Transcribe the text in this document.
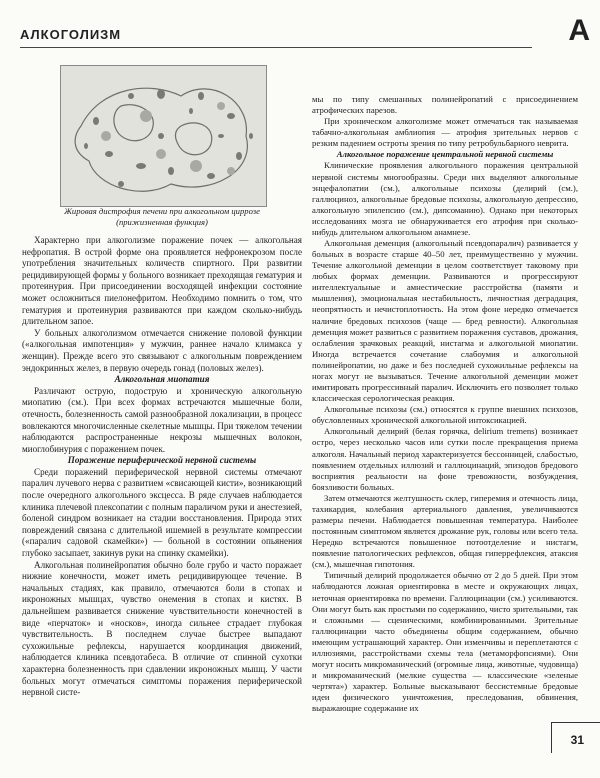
АЛКОГОЛИЗМ	А
Жировая дистрофия печени при алкогольном циррозе
(прижизненная функция)

Характерно при алкоголизме поражение почек — алкогольная нефропатия. В острой форме она проявляется нефронекрозом после употребления значительных количеств спиртного. При развитии рецидивирующей формы у больного возникает преходящая гематурия и протеинурия. При присоединении восходящей инфекции состояние может осложниться пиелонефритом. Необходимо помнить о том, что гематурия и протеинурия развиваются при каждом сколько-нибудь длительном запое.

У больных алкоголизмом отмечается снижение половой функции («алкогольная импотенция» у мужчин, раннее начало климакса у женщин). Прежде всего это связывают с алкогольным повреждением эндокринных желез, в первую очередь гонад (половых желез).

Алкогольная миопатия

Различают острую, подострую и хроническую алкогольную миопатию (см.). При всех формах встречаются мышечные боли, отечность, болезненность самой разнообразной локализации, в процесс вовлекаются многочисленные скелетные мышцы. При тяжелом течении наблюдаются распространенные некрозы мышечных волокон, миоглобинурия с поражением почек.

Поражение периферической нервной системы

Среди поражений периферической нервной системы отмечают паралич лучевого нерва с развитием «свисающей кисти», возникающий после очередного алкогольного эксцесса. В ряде случаев наблюдается клиника плечевой плексопатии с полным параличом руки и анестезией, боленой синдром возникает на стадии восстановления. Природа этих повреждений связана с длительной ишемией в результате компрессии («паралич садовой скамейки») — больной в состоянии опьянения глубоко засыпает, закинув руки на спинку скамейки).

Алкогольная полинейропатия обычно боле грубо и часто поражает нижние конечности, может иметь рецидивирующее течение. В начальных стадиях, как правило, отмечаются боли в стопах и икроножных мышцах, чувство онемения в стопах и кистях. В дальнейшем развивается снижение чувствительности конечностей в виде «перчаток» и «носков», иногда сильнее страдает глубокая чувствительность. В последнем случае быстрее выпадают сухожильные рефлексы, нарушается координация движений, наблюдается клиника псевдотабеса. В отличие от спинной сухотки характерна болезненность при сдавлении икроножных мышц. У части больных могут отмечаться симптомы поражения периферической нервной систе-

мы по типу смешанных полинейропатий с присоединением атрофических парезов.

При хроническом алкоголизме может отмечаться так называемая табачно-алкогольная амблиопия — атрофия зрительных нервов с резким падением остроты зрения по типу ретробульбарного неврита.

Алкогольное поражение центральной нервной системы

Клинические проявления алкогольного поражения центральной нервной системы многообразны. Среди них выделяют алкогольные энцефалопатии (см.), алкогольные психозы (делирий (см.), галлюциноз, алкогольные бредовые психозы, алкогольную депрессию, алкогольную эпилепсию (см.), дипсоманию). Однако при некоторых исследованиях мозга не обнаруживается его атрофия при сколько-нибудь длительном алкогольном анамнезе.

Алкогольная деменция (алкогольный псевдопаралич) развивается у больных в возрасте старше 40–50 лет, преимущественно у мужчин. Течение алкогольной деменции в целом соответствует таковому при любых формах деменции. Развиваются и прогрессируют интеллектуальные и амнестические расстройства (памяти и мышления), эмоциональная нестабильность, личностная деградация, неопрятность и нечистоплотность. На этом фоне нередко отмечается наличие бредовых психозов (чаще — бред ревности). Алкогольная деменция может развиться с развитием поражения суставов, дрожания, ослабления зрачковых реакций, нистагма и алкогольной миопатии. Иногда встречается сочетание слабоумия и алкогольной полинейропатии, но даже и без последней сухожильные рефлексы на ногах могут не вызываться. Течение алкогольной деменции может имитировать прогрессивный паралич. Исключить его позволяет только классическая серологическая реакция.

Алкогольные психозы (см.) относятся к группе внешних психозов, обусловленных хронической алкогольной интоксикацией.

Алкогольный делирий (белая горячка, delirium tremens) возникает остро, через несколько часов или сутки после прекращения приема алкоголя. Начальный период характеризуется бессонницей, слабостью, появлением отдельных иллюзий и галлюцинаций, эпизодов бредового восприятия реальности на фоне тревожности, возбуждения, боязливости больных.

Затем отмечаются желтушность склер, гиперемия и отечность лица, тахикардия, колебания артериального давления, увеличиваются размеры печени. Наблюдается повышенная температура. Наиболее постоянным симптомом является дрожание рук, головы или всего тела. Нередко встречаются повышенное потоотделение и нистагм, появление патологических рефлексов, общая гиперрефлексия, атаксия (см.), мышечная гипотония.

Типичный делирий продолжается обычно от 2 до 5 дней. При этом наблюдаются ложная ориентировка в месте и окружающих лицах, неточная ориентировка по времени. Галлюцинации (см.) усиливаются. Они могут быть как простыми по содержанию, чисто зрительными, так и сложными — сценическими, комбинированными. Зрительные галлюцинации часто объединены общим содержанием, обычно имеющим устрашающий характер. Они изменчивы и переплетаются с иллюзиями, расстройствами схемы тела (метаморфопсиями). Они могут носить микроманический (огромные лица, животные, чудовища) и микроманический (мелкие существа — классические «зеленые чертята») характер. Больные высказывают бессистемные бредовые идеи физического уничтожения, преследования, обвинения, выражающие содержание их

31
